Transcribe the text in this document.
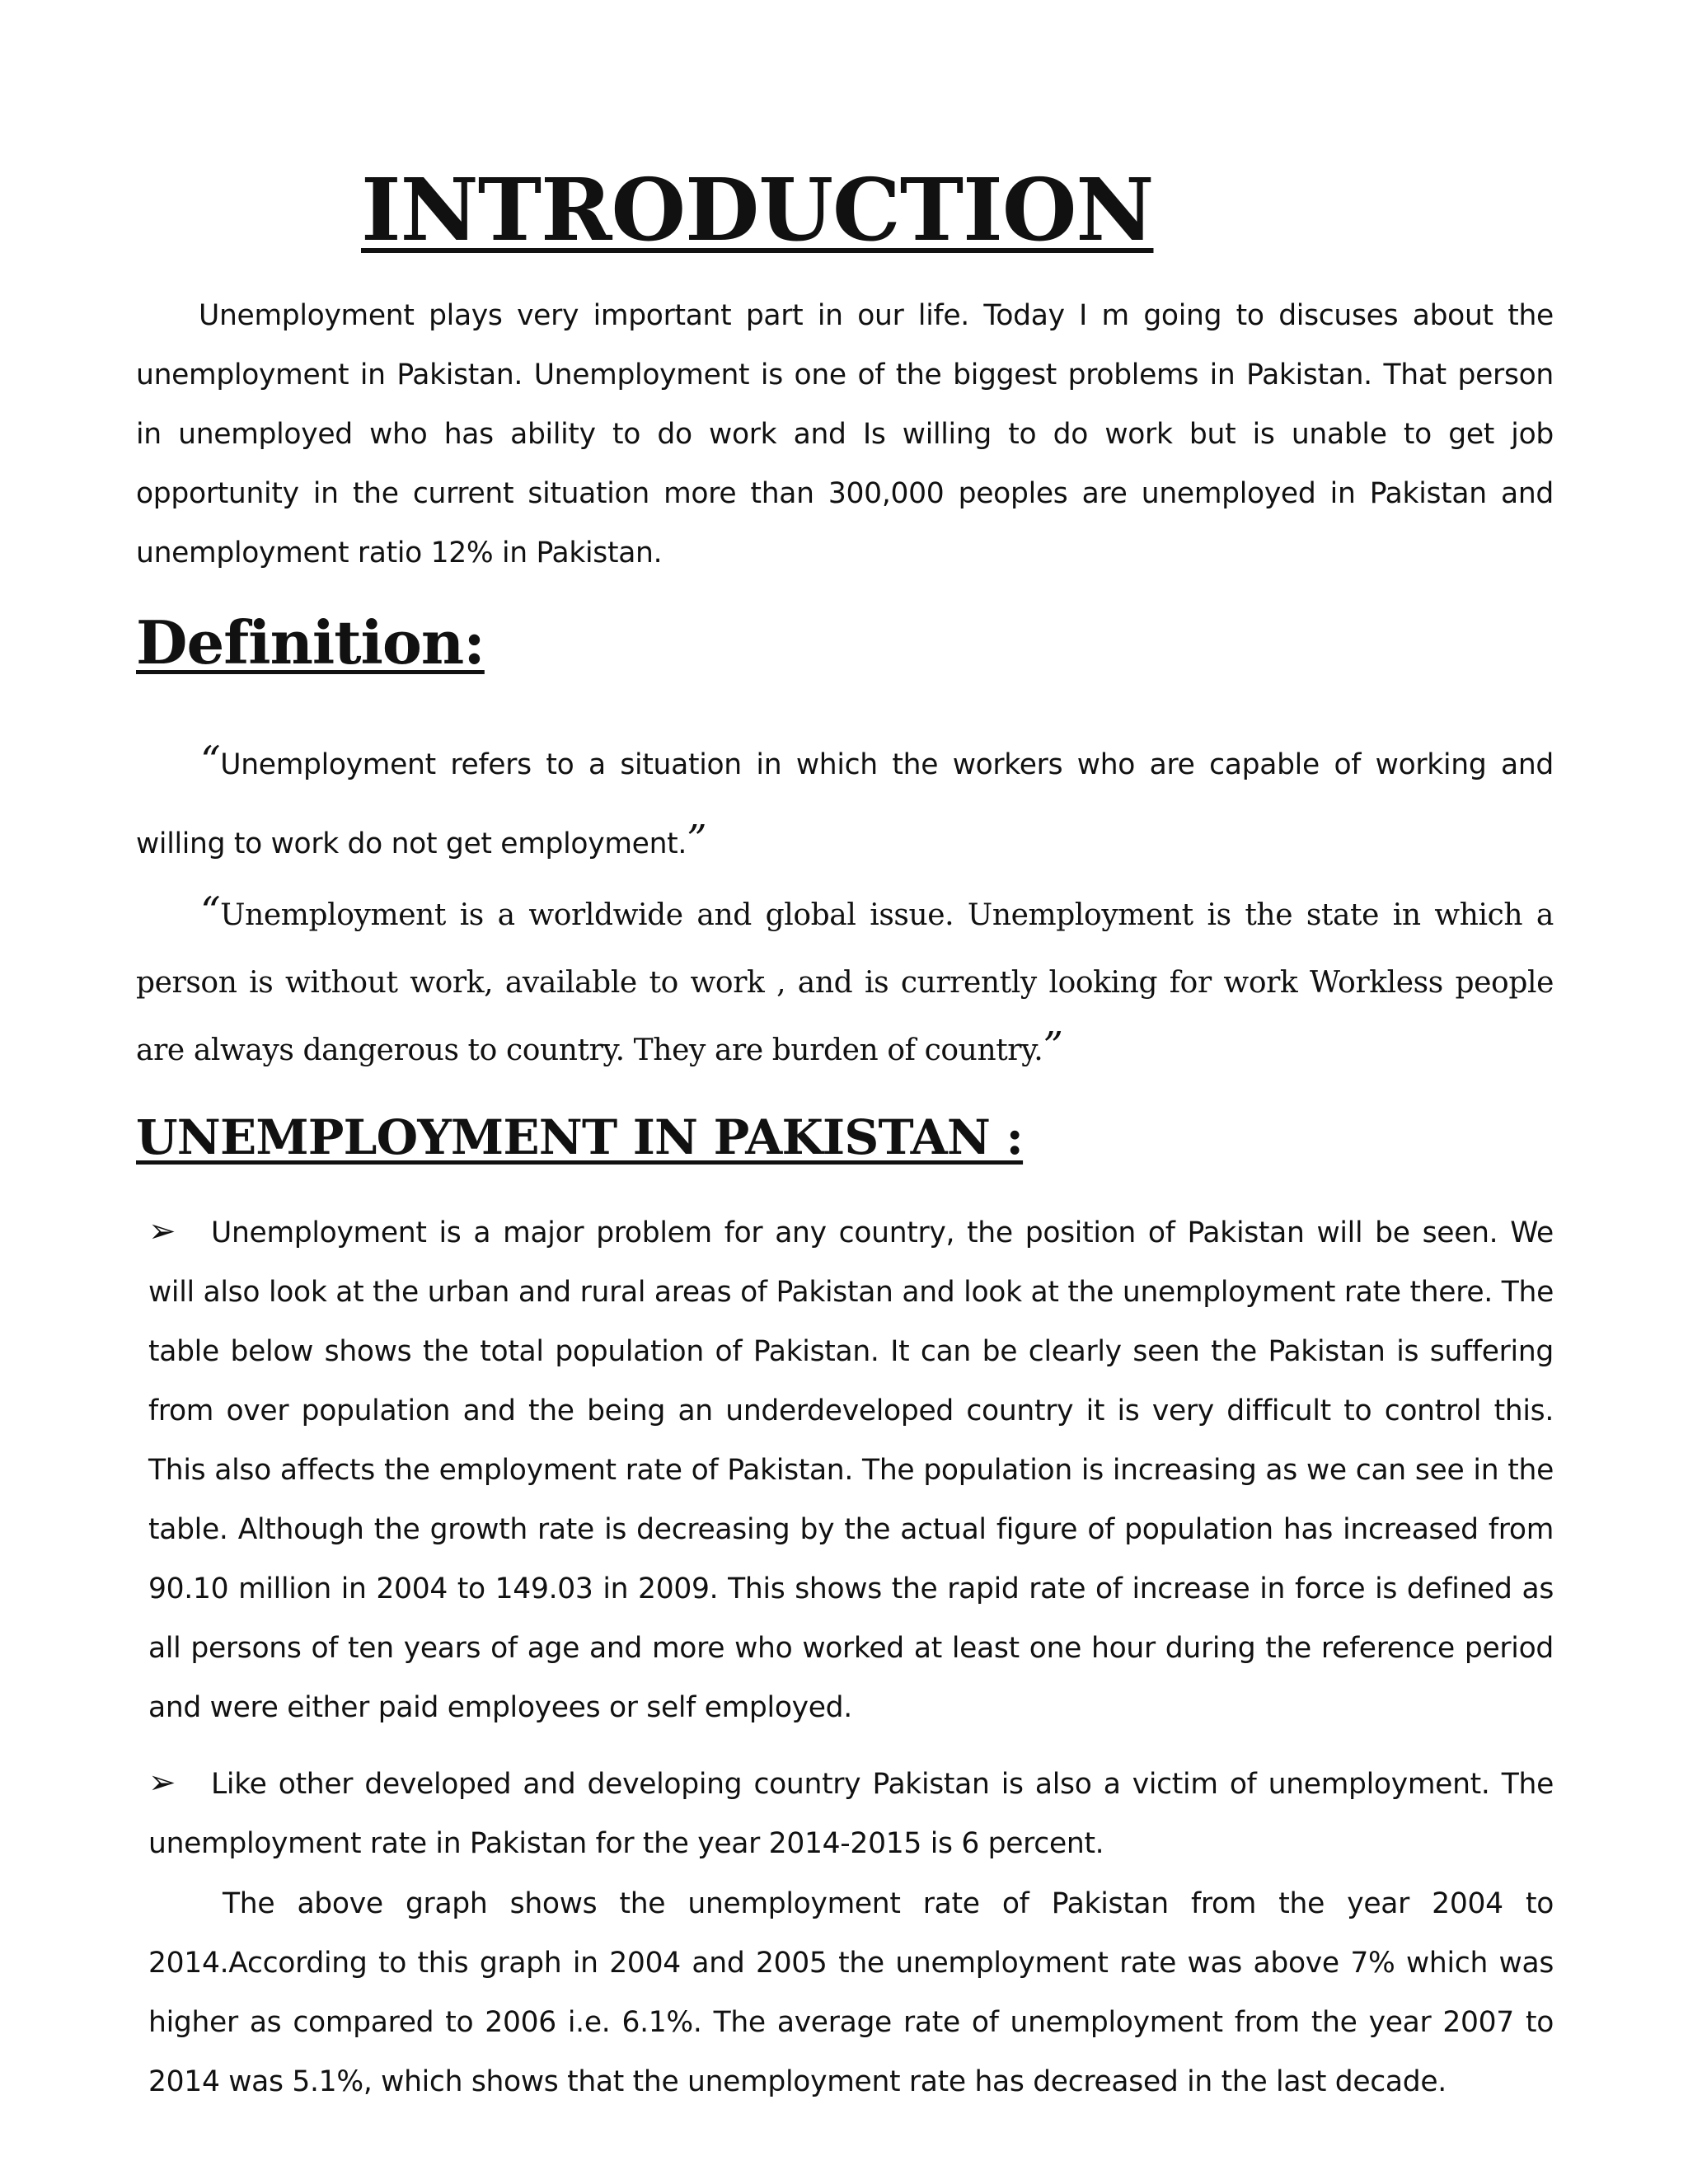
INTRODUCTION

Unemployment plays very important part in our life. Today I m going to discuses about the unemployment in Pakistan. Unemployment is one of the biggest problems in Pakistan. That person in unemployed who has ability to do work and Is willing to do work but is unable to get job opportunity in the current situation more than 300,000 peoples are unemployed in Pakistan and unemployment ratio 12% in Pakistan.

Definition:

“Unemployment refers to a situation in which the workers who are capable of working and willing to work do not get employment.”

“Unemployment is a worldwide and global issue. Unemployment is the state in which a person is without work, available to work , and is currently looking for work Workless people are always dangerous to country. They are burden of country.”

UNEMPLOYMENT IN PAKISTAN :

➢ Unemployment is a major problem for any country, the position of Pakistan will be seen. We will also look at the urban and rural areas of Pakistan and look at the unemployment rate there. The table below shows the total population of Pakistan. It can be clearly seen the Pakistan is suffering from over population and the being an underdeveloped country it is very difficult to control this. This also affects the employment rate of Pakistan. The population is increasing as we can see in the table. Although the growth rate is decreasing by the actual figure of population has increased from 90.10 million in 2004 to 149.03 in 2009. This shows the rapid rate of increase in force is defined as all persons of ten years of age and more who worked at least one hour during the reference period and were either paid employees or self employed.

➢ Like other developed and developing country Pakistan is also a victim of unemployment. The unemployment rate in Pakistan for the year 2014-2015 is 6 percent.

The above graph shows the unemployment rate of Pakistan from the year 2004 to 2014.According to this graph in 2004 and 2005 the unemployment rate was above 7% which was higher as compared to 2006 i.e. 6.1%. The average rate of unemployment from the year 2007 to 2014 was 5.1%, which shows that the unemployment rate has decreased in the last decade.
